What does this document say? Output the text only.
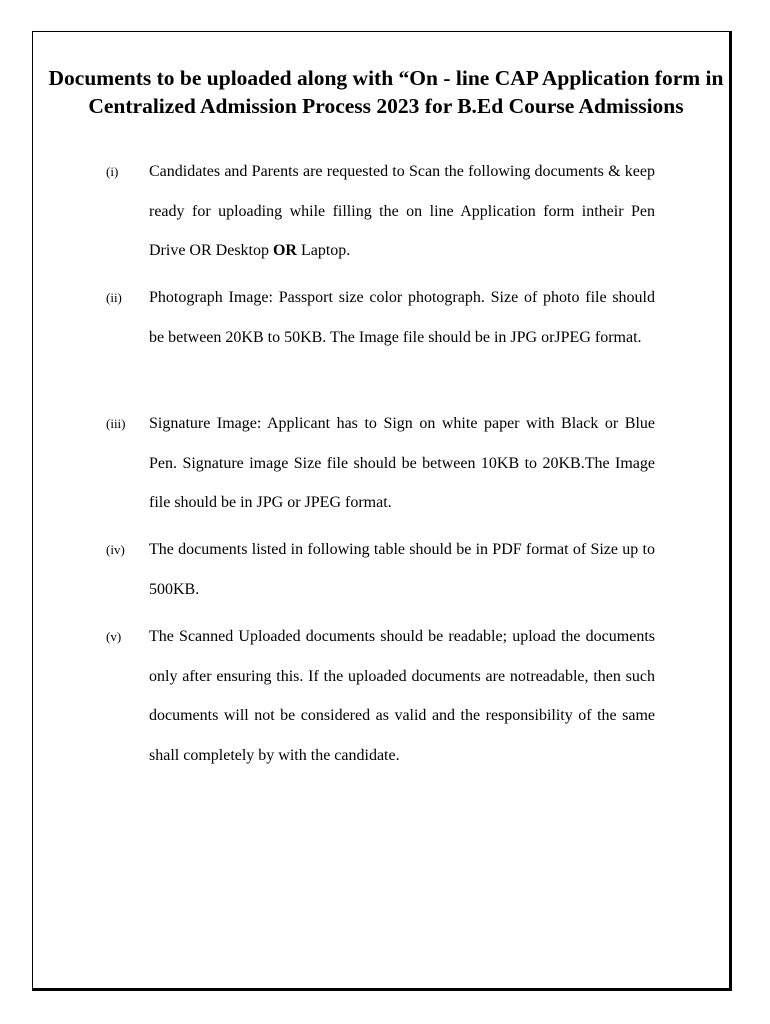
Documents to be uploaded along with “On - line CAP Application form in Centralized Admission Process 2023 for B.Ed Course Admissions
(i) Candidates and Parents are requested to Scan the following documents & keep ready for uploading while filling the on line Application form intheir Pen Drive OR Desktop OR Laptop.
(ii) Photograph Image: Passport size color photograph. Size of photo file should be between 20KB to 50KB. The Image file should be in JPG orJPEG format.
(iii) Signature Image: Applicant has to Sign on white paper with Black or Blue Pen. Signature image Size file should be between 10KB to 20KB.The Image file should be in JPG or JPEG format.
(iv) The documents listed in following table should be in PDF format of Size up to 500KB.
(v) The Scanned Uploaded documents should be readable; upload the documents only after ensuring this. If the uploaded documents are notreadable, then such documents will not be considered as valid and the responsibility of the same shall completely by with the candidate.
